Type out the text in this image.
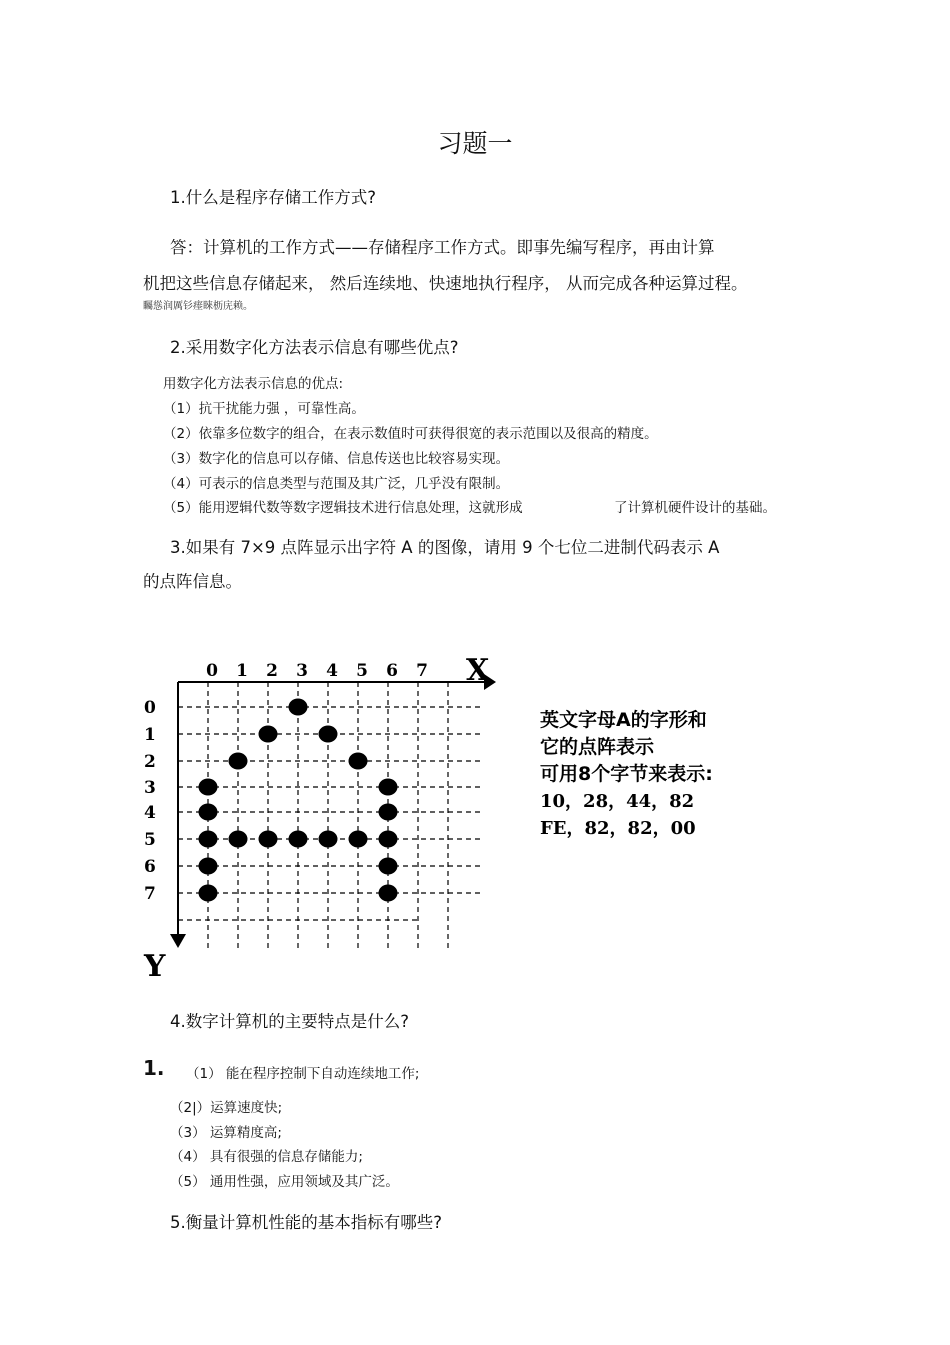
习题一
1.什么是程序存储工作方式?
答：计算机的工作方式——存储程序工作方式。即事先编写程序，再由计算
机把这些信息存储起来， 然后连续地、快速地执行程序， 从而完成各种运算过程。
矚慫润厲钐瘗睞枥庑赖。
2.采用数字化方法表示信息有哪些优点?
用数字化方法表示信息的优点:
（1）抗干扰能力强 ，可靠性高。
（2）依靠多位数字的组合，在表示数值时可获得很宽的表示范围以及很高的精度。
（3）数字化的信息可以存储、信息传送也比较容易实现。
（4）可表示的信息类型与范围及其广泛，几乎没有限制。
（5）能用逻辑代数等数字逻辑技术进行信息处理，这就形成	了计算机硬件设计的基础。
3.如果有 7×9 点阵显示出字符 A 的图像，请用 9 个七位二进制代码表示 A
的点阵信息。
0 1 2 3 4 5 6 7
0
1
2
3
4
5
6
7
X
Y
英文字母A的字形和
它的点阵表示
可用8个字节来表示:
10，28，44，82
FE，82，82，00
4.数字计算机的主要特点是什么?
1. （1） 能在程序控制下自动连续地工作;
（2|）运算速度快;
（3） 运算精度高;
（4） 具有很强的信息存储能力;
（5） 通用性强，应用领域及其广泛。
5.衡量计算机性能的基本指标有哪些?
